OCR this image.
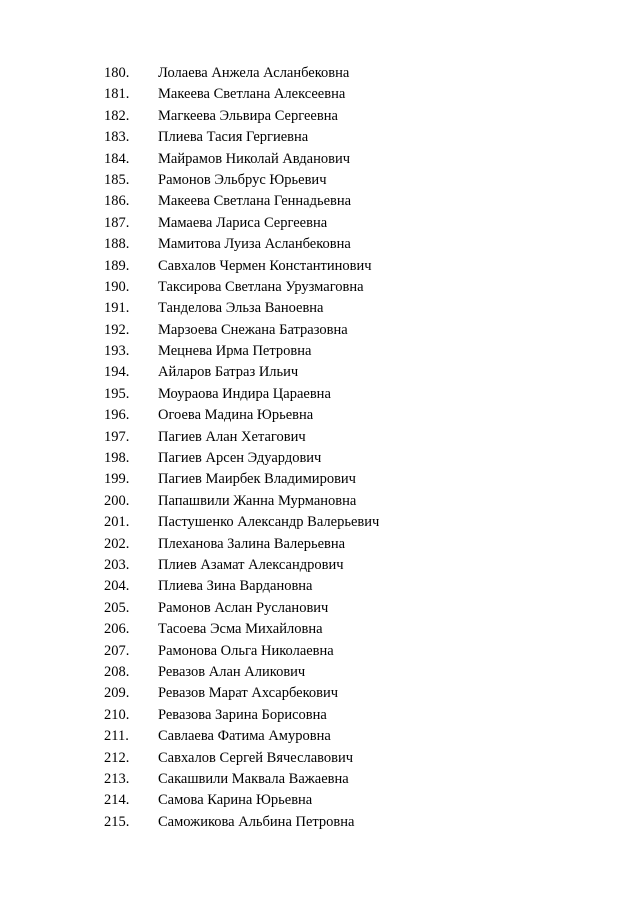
180. Лолаева Анжела Асланбековна
181. Макеева Светлана Алексеевна
182. Магкеева Эльвира Сергеевна
183. Плиева Тасия Гергиевна
184. Майрамов Николай Авданович
185. Рамонов Эльбрус Юрьевич
186. Макеева Светлана Геннадьевна
187. Мамаева Лариса Сергеевна
188. Мамитова Луиза Асланбековна
189. Савхалов Чермен Константинович
190. Таксирова Светлана Урузмаговна
191. Танделова Эльза Ваноевна
192. Марзоева Снежана Батразовна
193. Мецнева Ирма Петровна
194. Айларов Батраз Ильич
195. Моураова Индира Цараевна
196. Огоева Мадина Юрьевна
197. Пагиев Алан Хетагович
198. Пагиев Арсен Эдуардович
199. Пагиев Маирбек Владимирович
200. Папашвили Жанна Мурмановна
201. Пастушенко Александр Валерьевич
202. Плеханова Залина Валерьевна
203. Плиев Азамат Александрович
204. Плиева Зина Вардановна
205. Рамонов Аслан Русланович
206. Тасоева Эсма Михайловна
207. Рамонова Ольга Николаевна
208. Ревазов Алан Аликович
209. Ревазов Марат Ахсарбекович
210. Ревазова Зарина Борисовна
211. Савлаева Фатима Амуровна
212. Савхалов Сергей Вячеславович
213. Сакашвили Маквала Важаевна
214. Самова Карина Юрьевна
215. Саможикова Альбина Петровна
